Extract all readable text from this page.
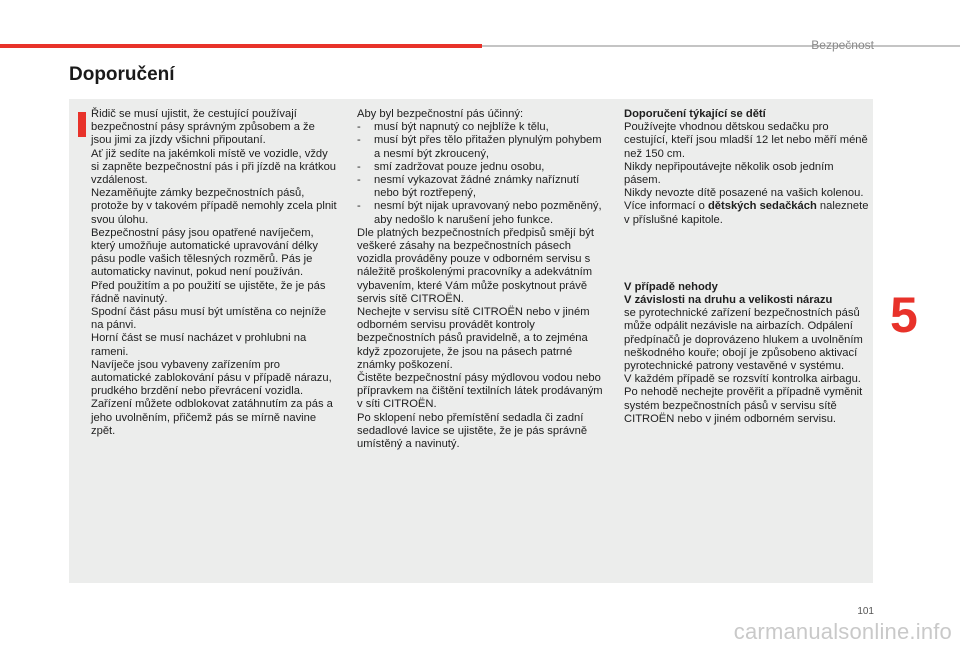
Bezpečnost
Doporučení

Řidič se musí ujistit, že cestující používají bezpečnostní pásy správným způsobem a že jsou jimi za jízdy všichni připoutaní.

Ať již sedíte na jakémkoli místě ve vozidle, vždy si zapněte bezpečnostní pás i při jízdě na krátkou vzdálenost.

Nezaměňujte zámky bezpečnostních pásů, protože by v takovém případě nemohly zcela plnit svou úlohu.

Bezpečnostní pásy jsou opatřené navíječem, který umožňuje automatické upravování délky pásu podle vašich tělesných rozměrů. Pás je automaticky navinut, pokud není používán.

Před použitím a po použití se ujistěte, že je pás řádně navinutý.

Spodní část pásu musí být umístěna co nejníže na pánvi.

Horní část se musí nacházet v prohlubni na rameni.

Navíječe jsou vybaveny zařízením pro automatické zablokování pásu v případě nárazu, prudkého brzdění nebo převrácení vozidla. Zařízení můžete odblokovat zatáhnutím za pás a jeho uvolněním, přičemž pás se mírně navine zpět.

Aby byl bezpečnostní pás účinný:

-	musí být napnutý co nejblíže k tělu,
-	musí být přes tělo přitažen plynulým pohybem a nesmí být zkroucený,
-	smí zadržovat pouze jednu osobu,
-	nesmí vykazovat žádné známky naříznutí nebo být roztřepený,
-	nesmí být nijak upravovaný nebo pozměněný, aby nedošlo k narušení jeho funkce.

Dle platných bezpečnostních předpisů smějí být veškeré zásahy na bezpečnostních pásech vozidla prováděny pouze v odborném servisu s náležitě proškolenými pracovníky a adekvátním vybavením, které Vám může poskytnout právě servis sítě CITROËN.

Nechejte v servisu sítě CITROËN nebo v jiném odborném servisu provádět kontroly bezpečnostních pásů pravidelně, a to zejména když zpozorujete, že jsou na pásech patrné známky poškození.

Čistěte bezpečnostní pásy mýdlovou vodou nebo přípravkem na čištění textilních látek prodávaným v síti CITROËN.

Po sklopení nebo přemístění sedadla či zadní sedadlové lavice se ujistěte, že je pás správně umístěný a navinutý.

Doporučení týkající se dětí

Používejte vhodnou dětskou sedačku pro cestující, kteří jsou mladší 12 let nebo měří méně než 150 cm.

Nikdy nepřipoutávejte několik osob jedním pásem.

Nikdy nevozte dítě posazené na vašich kolenou.

Více informací o dětských sedačkách naleznete v příslušné kapitole.

V případě nehody

V závislosti na druhu a velikosti nárazu

se pyrotechnické zařízení bezpečnostních pásů může odpálit nezávisle na airbazích. Odpálení předpínačů je doprovázeno hlukem a uvolněním neškodného kouře; obojí je způsobeno aktivací pyrotechnické patrony vestavěné v systému.

V každém případě se rozsvítí kontrolka airbagu.

Po nehodě nechejte prověřit a případně vyměnit systém bezpečnostních pásů v servisu sítě CITROËN nebo v jiném odborném servisu.

5
101
carmanualsonline.info
